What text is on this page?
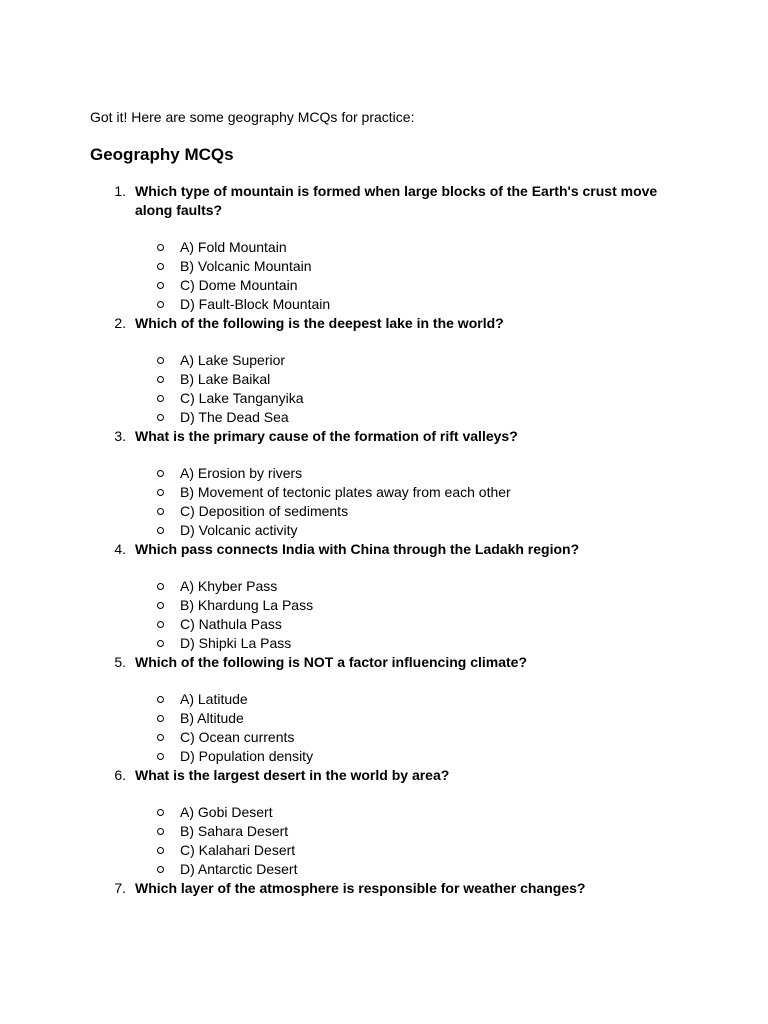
Got it! Here are some geography MCQs for practice:

Geography MCQs
1. Which type of mountain is formed when large blocks of the Earth's crust move along faults?
A) Fold Mountain
B) Volcanic Mountain
C) Dome Mountain
D) Fault-Block Mountain
2. Which of the following is the deepest lake in the world?
A) Lake Superior
B) Lake Baikal
C) Lake Tanganyika
D) The Dead Sea
3. What is the primary cause of the formation of rift valleys?
A) Erosion by rivers
B) Movement of tectonic plates away from each other
C) Deposition of sediments
D) Volcanic activity
4. Which pass connects India with China through the Ladakh region?
A) Khyber Pass
B) Khardung La Pass
C) Nathula Pass
D) Shipki La Pass
5. Which of the following is NOT a factor influencing climate?
A) Latitude
B) Altitude
C) Ocean currents
D) Population density
6. What is the largest desert in the world by area?
A) Gobi Desert
B) Sahara Desert
C) Kalahari Desert
D) Antarctic Desert
7. Which layer of the atmosphere is responsible for weather changes?
